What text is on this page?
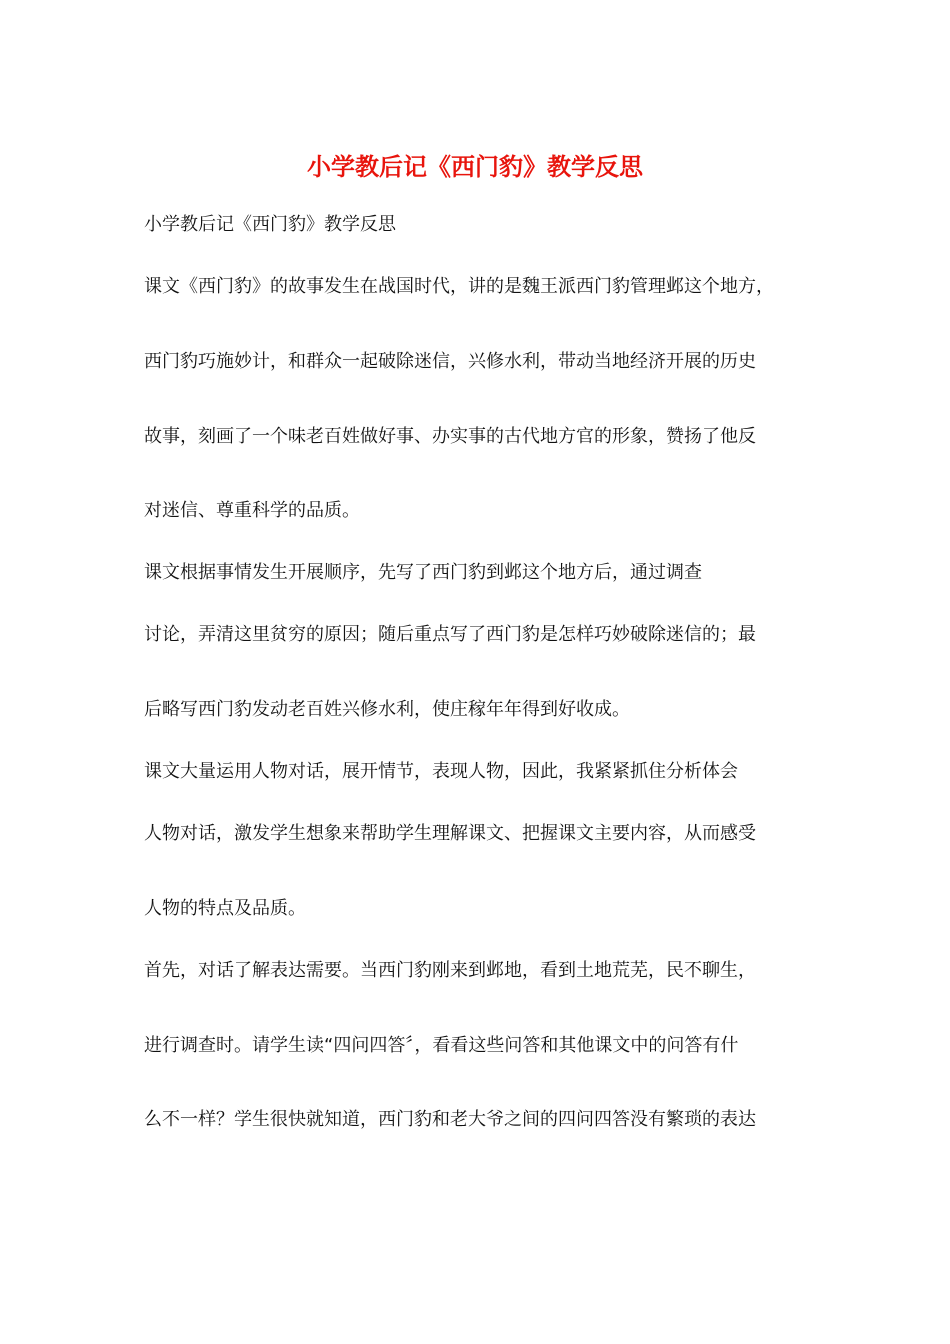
小学教后记《西门豹》教学反思
小学教后记《西门豹》教学反思
课文《西门豹》的故事发生在战国时代，讲的是魏王派西门豹管理邺这个地方，
西门豹巧施妙计，和群众一起破除迷信，兴修水利，带动当地经济开展的历史
故事，刻画了一个味老百姓做好事、办实事的古代地方官的形象，赞扬了他反
对迷信、尊重科学的品质。
课文根据事情发生开展顺序，先写了西门豹到邺这个地方后，通过调查
讨论，弄清这里贫穷的原因；随后重点写了西门豹是怎样巧妙破除迷信的；最
后略写西门豹发动老百姓兴修水利，使庄稼年年得到好收成。
课文大量运用人物对话，展开情节，表现人物，因此，我紧紧抓住分析体会
人物对话，激发学生想象来帮助学生理解课文、把握课文主要内容，从而感受
人物的特点及品质。
首先，对话了解表达需要。当西门豹刚来到邺地，看到土地荒芜，民不聊生，
进行调查时。请学生读“四问四答〞，看看这些问答和其他课文中的问答有什
么不一样？学生很快就知道，西门豹和老大爷之间的四问四答没有繁琐的表达
